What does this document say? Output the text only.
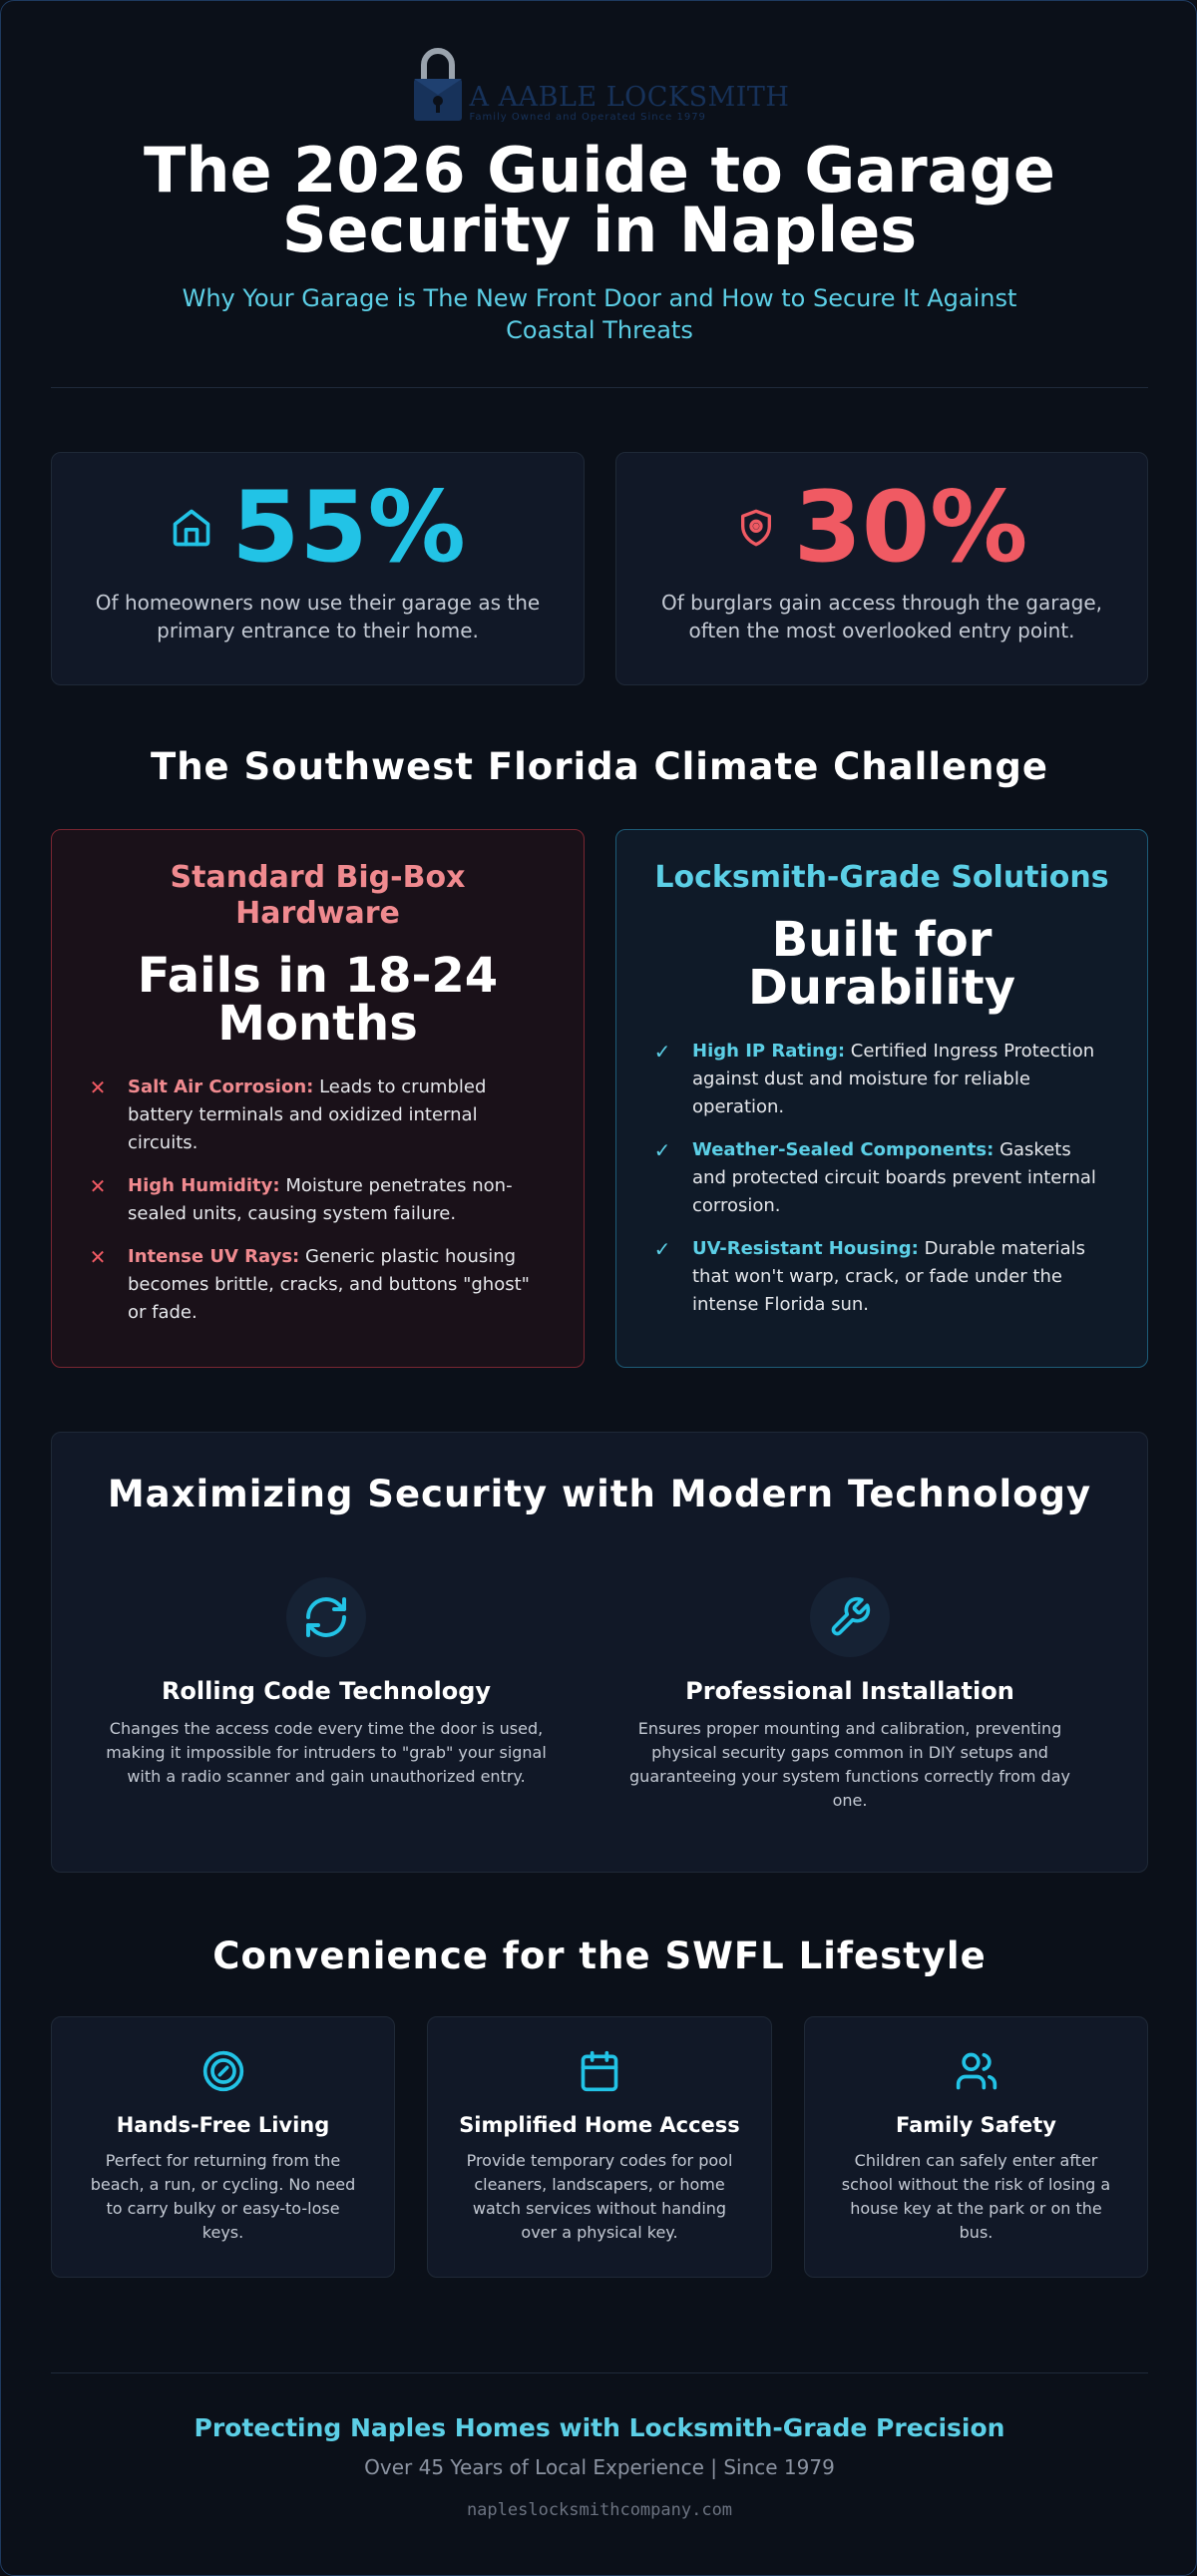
A AABLE LOCKSMITH
Family Owned and Operated Since 1979
The 2026 Guide to Garage Security in Naples
Why Your Garage is The New Front Door and How to Secure It Against Coastal Threats
55%
Of homeowners now use their garage as the primary entrance to their home.
30%
Of burglars gain access through the garage, often the most overlooked entry point.
The Southwest Florida Climate Challenge
Standard Big-Box Hardware
Fails in 18-24 Months
✕ Salt Air Corrosion: Leads to crumbled battery terminals and oxidized internal circuits.
✕ High Humidity: Moisture penetrates non-sealed units, causing system failure.
✕ Intense UV Rays: Generic plastic housing becomes brittle, cracks, and buttons "ghost" or fade.
Locksmith-Grade Solutions
Built for Durability
✓ High IP Rating: Certified Ingress Protection against dust and moisture for reliable operation.
✓ Weather-Sealed Components: Gaskets and protected circuit boards prevent internal corrosion.
✓ UV-Resistant Housing: Durable materials that won't warp, crack, or fade under the intense Florida sun.
Maximizing Security with Modern Technology
Rolling Code Technology
Changes the access code every time the door is used, making it impossible for intruders to "grab" your signal with a radio scanner and gain unauthorized entry.
Professional Installation
Ensures proper mounting and calibration, preventing physical security gaps common in DIY setups and guaranteeing your system functions correctly from day one.
Convenience for the SWFL Lifestyle
Hands-Free Living
Perfect for returning from the beach, a run, or cycling. No need to carry bulky or easy-to-lose keys.
Simplified Home Access
Provide temporary codes for pool cleaners, landscapers, or home watch services without handing over a physical key.
Family Safety
Children can safely enter after school without the risk of losing a house key at the park or on the bus.
Protecting Naples Homes with Locksmith-Grade Precision
Over 45 Years of Local Experience | Since 1979
napleslocksmithcompany.com
